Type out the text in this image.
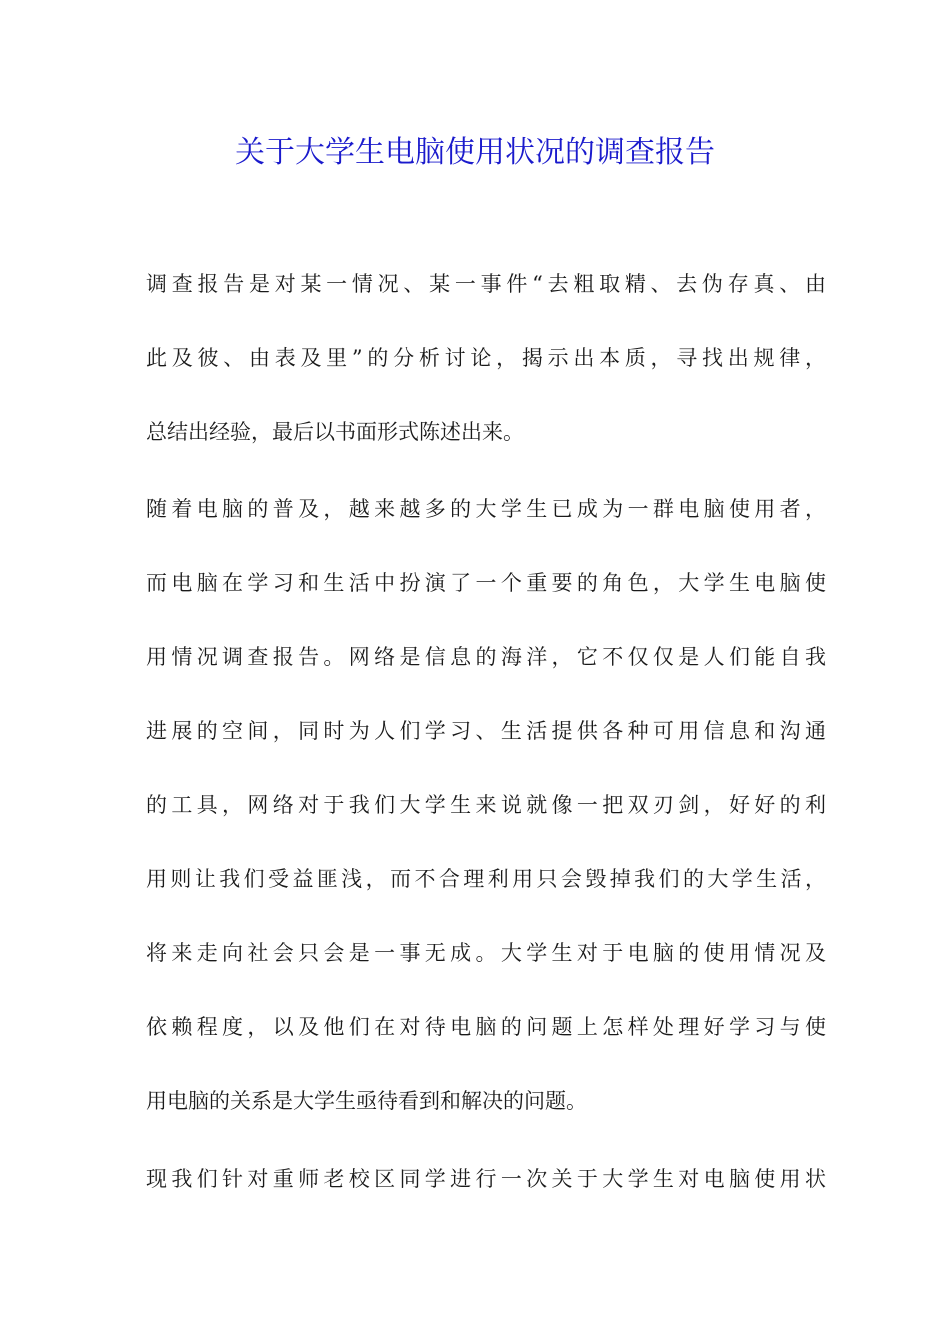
关于大学生电脑使用状况的调查报告
调查报告是对某一情况、某一事件“去粗取精、去伪存真、由
此及彼、由表及里”的分析讨论，揭示出本质，寻找出规律，
总结出经验，最后以书面形式陈述出来。
随着电脑的普及，越来越多的大学生已成为一群电脑使用者，
而电脑在学习和生活中扮演了一个重要的角色，大学生电脑使
用情况调查报告。网络是信息的海洋，它不仅仅是人们能自我
进展的空间，同时为人们学习、生活提供各种可用信息和沟通
的工具，网络对于我们大学生来说就像一把双刃剑，好好的利
用则让我们受益匪浅，而不合理利用只会毁掉我们的大学生活，
将来走向社会只会是一事无成。大学生对于电脑的使用情况及
依赖程度，以及他们在对待电脑的问题上怎样处理好学习与使
用电脑的关系是大学生亟待看到和解决的问题。
现我们针对重师老校区同学进行一次关于大学生对电脑使用状
